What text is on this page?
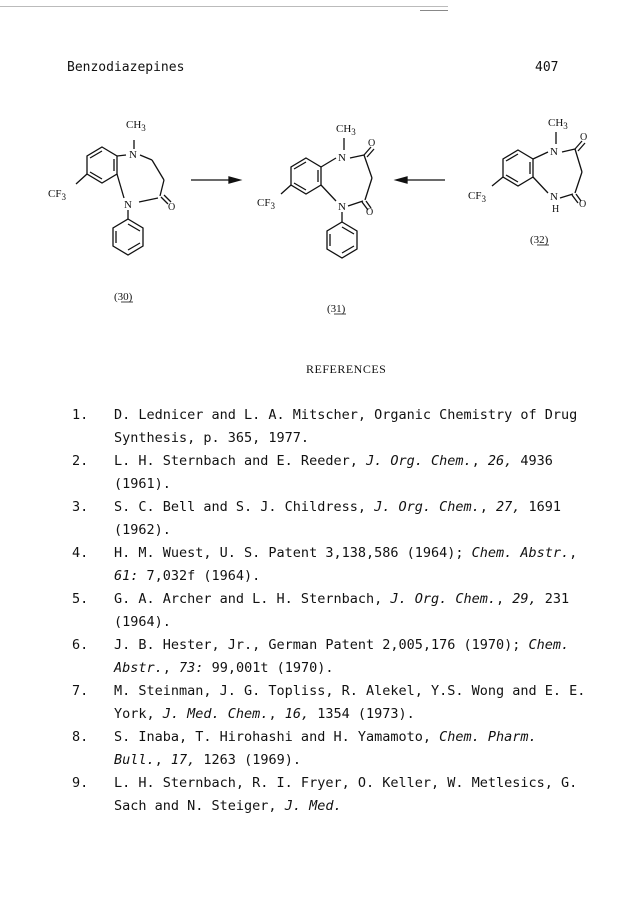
Benzodiazepines	407
$CH_3$
N
N	O
$CF_3$
(30)
$CH_3$
O
N
N O
$CF_3$
(31)
$CH_3$
O
N
N
H O
$CF_3$
(32)
REFERENCES
1. D. Lednicer and L. A. Mitscher, Organic Chemistry of Drug Synthesis, p. 365, 1977.
2. L. H. Sternbach and E. Reeder, J. Org. Chem., 26, 4936 (1961).
3. S. C. Bell and S. J. Childress, J. Org. Chem., 27, 1691 (1962).
4. H. M. Wuest, U. S. Patent 3,138,586 (1964); Chem. Abstr., 61: 7,032f (1964).
5. G. A. Archer and L. H. Sternbach, J. Org. Chem., 29, 231 (1964).
6. J. B. Hester, Jr., German Patent 2,005,176 (1970); Chem. Abstr., 73: 99,001t (1970).
7. M. Steinman, J. G. Topliss, R. Alekel, Y.S. Wong and E. E. York, J. Med. Chem., 16, 1354 (1973).
8. S. Inaba, T. Hirohashi and H. Yamamoto, Chem. Pharm. Bull., 17, 1263 (1969).
9. L. H. Sternbach, R. I. Fryer, O. Keller, W. Metlesics, G. Sach and N. Steiger, J. Med.
